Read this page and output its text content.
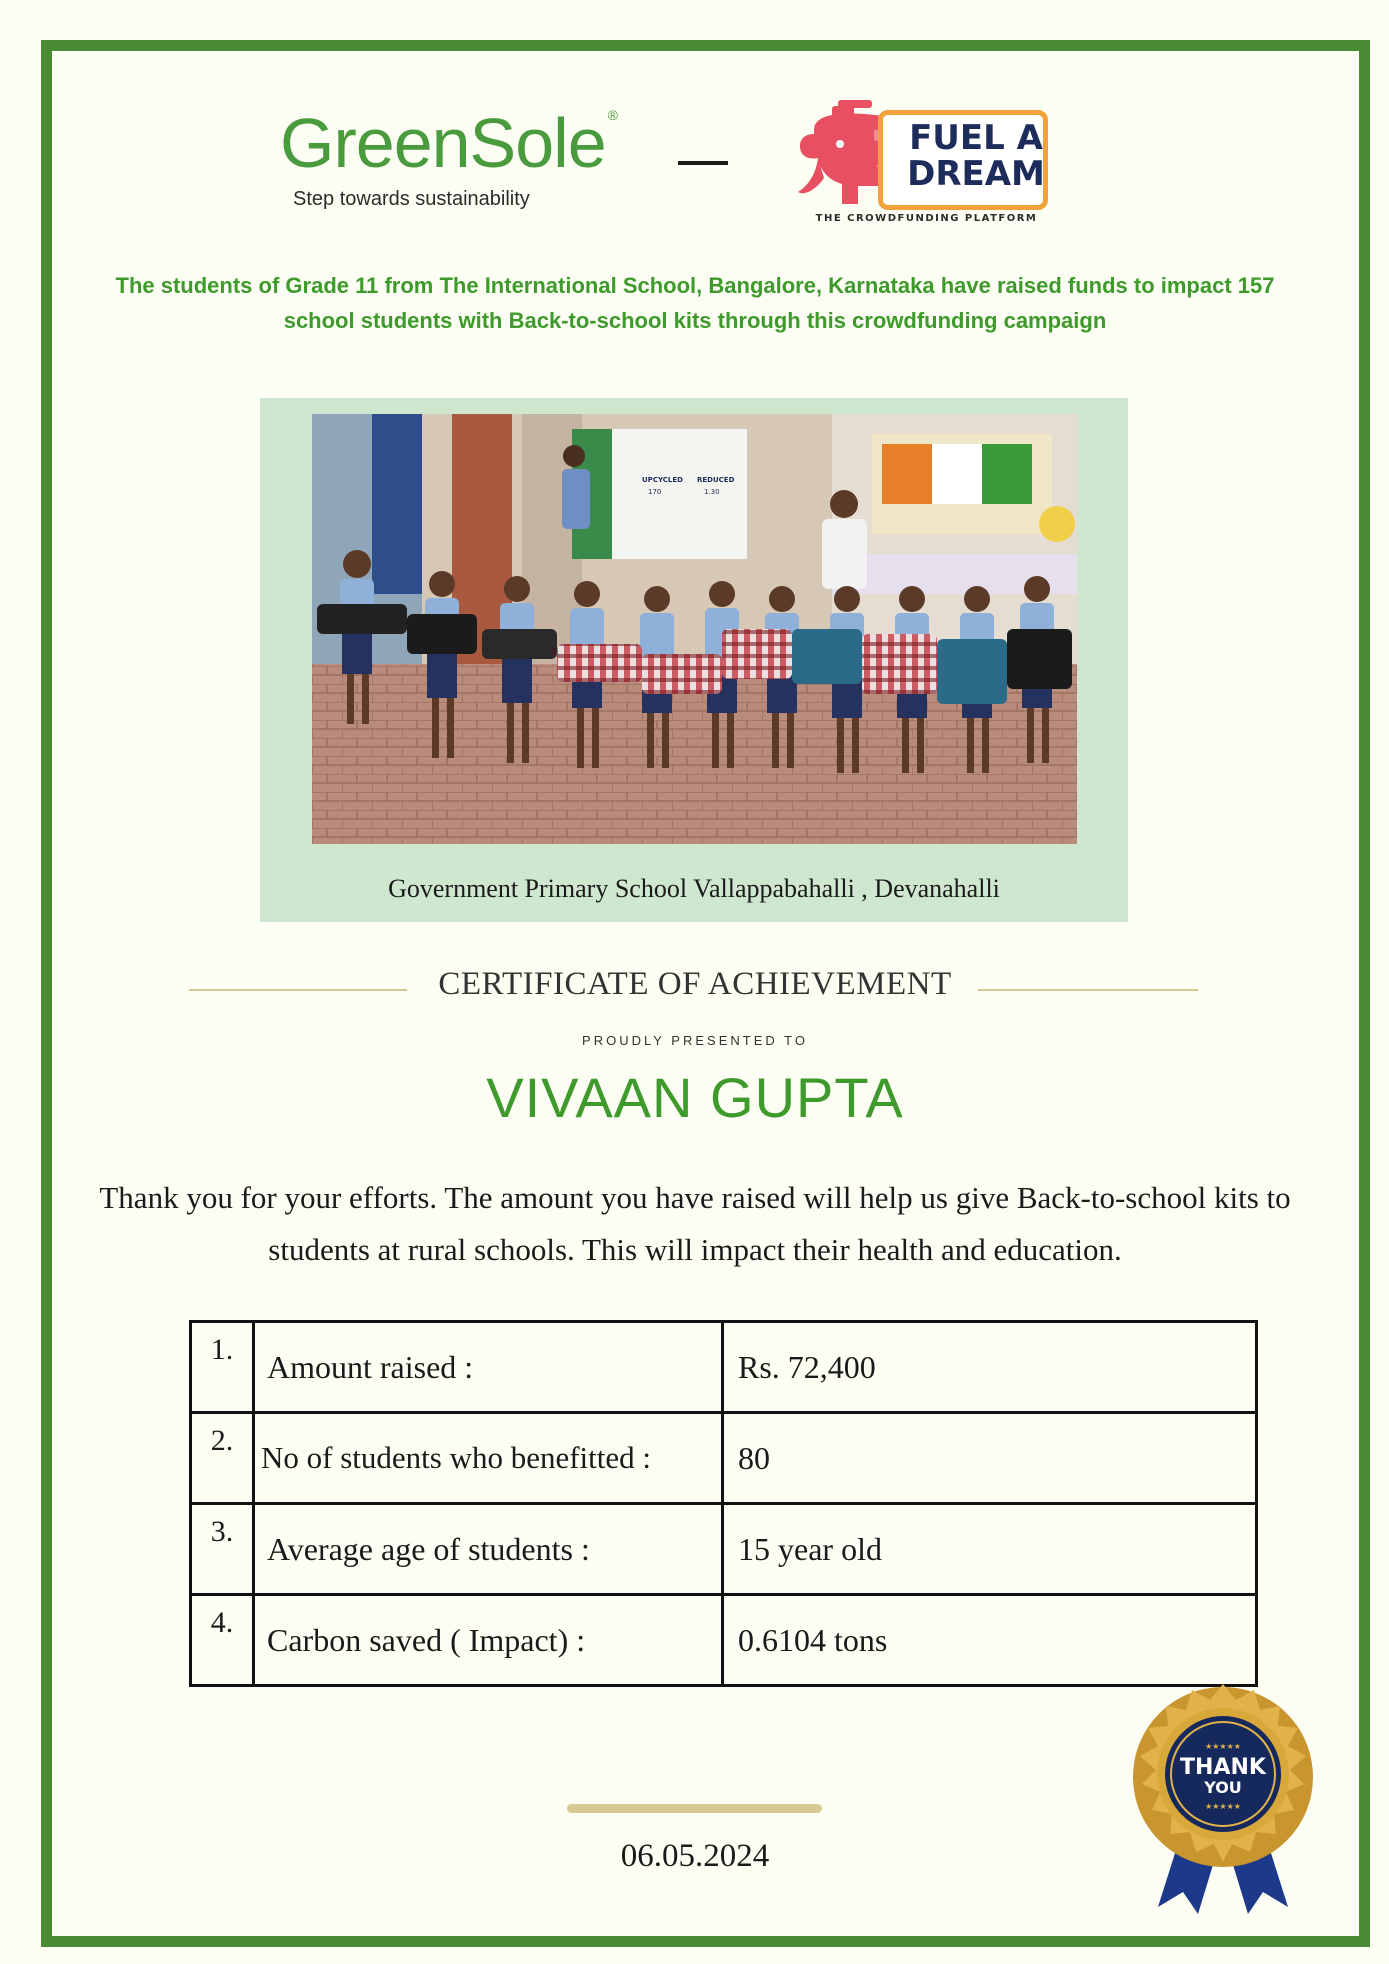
GreenSole ®
Step towards sustainability
FUEL A
DREAM
THE CROWDFUNDING PLATFORM
The students of Grade 11 from The International School, Bangalore, Karnataka have raised funds to impact 157 school students with Back-to-school kits through this crowdfunding campaign
UPCYCLED REDUCED
170	1.30
Government Primary School Vallappabahalli , Devanahalli
CERTIFICATE OF ACHIEVEMENT
PROUDLY PRESENTED TO
VIVAAN GUPTA
Thank you for your efforts. The amount you have raised will help us give Back-to-school kits to students at rural schools. This will impact their health and education.
1.	Amount raised :	Rs. 72,400
2.	No of students who benefitted :	80
3.	Average age of students :	15 year old
4.	Carbon saved ( Impact) :	0.6104 tons
06.05.2024
★★★★★
THANK
YOU
★★★★★
